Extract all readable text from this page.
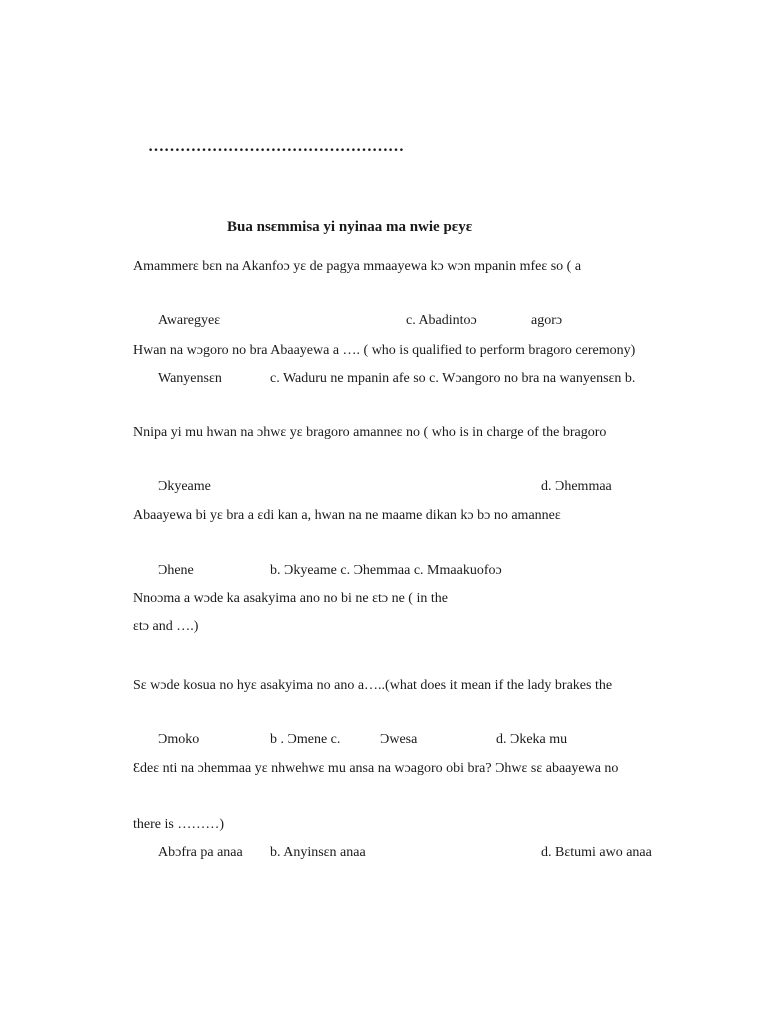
…………………………………………
Bua nsɛmmisa yi nyinaa ma nwie pɛyɛ
Amammerɛ bɛn na Akanfoɔ yɛ de pagya mmaayewa kɔ wɔn mpanin mfeɛ so ( a
Awaregyeɛ	c. Abadintoɔ	agorɔ
Hwan na wɔgoro no bra Abaayewa a …. ( who is qualified to perform bragoro ceremony)
Wanyensɛn	c. Waduru ne mpanin afe so c. Wɔangoro no bra na wanyensɛn b.
Nnipa yi mu hwan na ɔhwɛ yɛ bragoro amanneɛ no ( who is in charge of the bragoro
Ɔkyeame	d. Ɔhemmaa
Abaayewa bi yɛ bra a ɛdi kan a, hwan na ne maame dikan kɔ bɔ no amanneɛ
Ɔhene	b. Ɔkyeame c. Ɔhemmaa c. Mmaakuofoɔ
Nnoɔma a wɔde ka asakyima ano no bi ne ɛtɔ ne ( in the
ɛtɔ and ….)
Sɛ wɔde kosua no hyɛ asakyima no ano a…..(what does it mean if the lady brakes the
Ɔmoko	b . Ɔmene c.	Ɔwesa	d. Ɔkeka mu
Ɛdeɛ nti na ɔhemmaa yɛ nhwehwɛ mu ansa na wɔagoro obi bra? Ɔhwɛ sɛ abaayewa no
there is ………)
Abɔfra pa anaa b. Anyinsɛn anaa	d. Bɛtumi awo anaa
